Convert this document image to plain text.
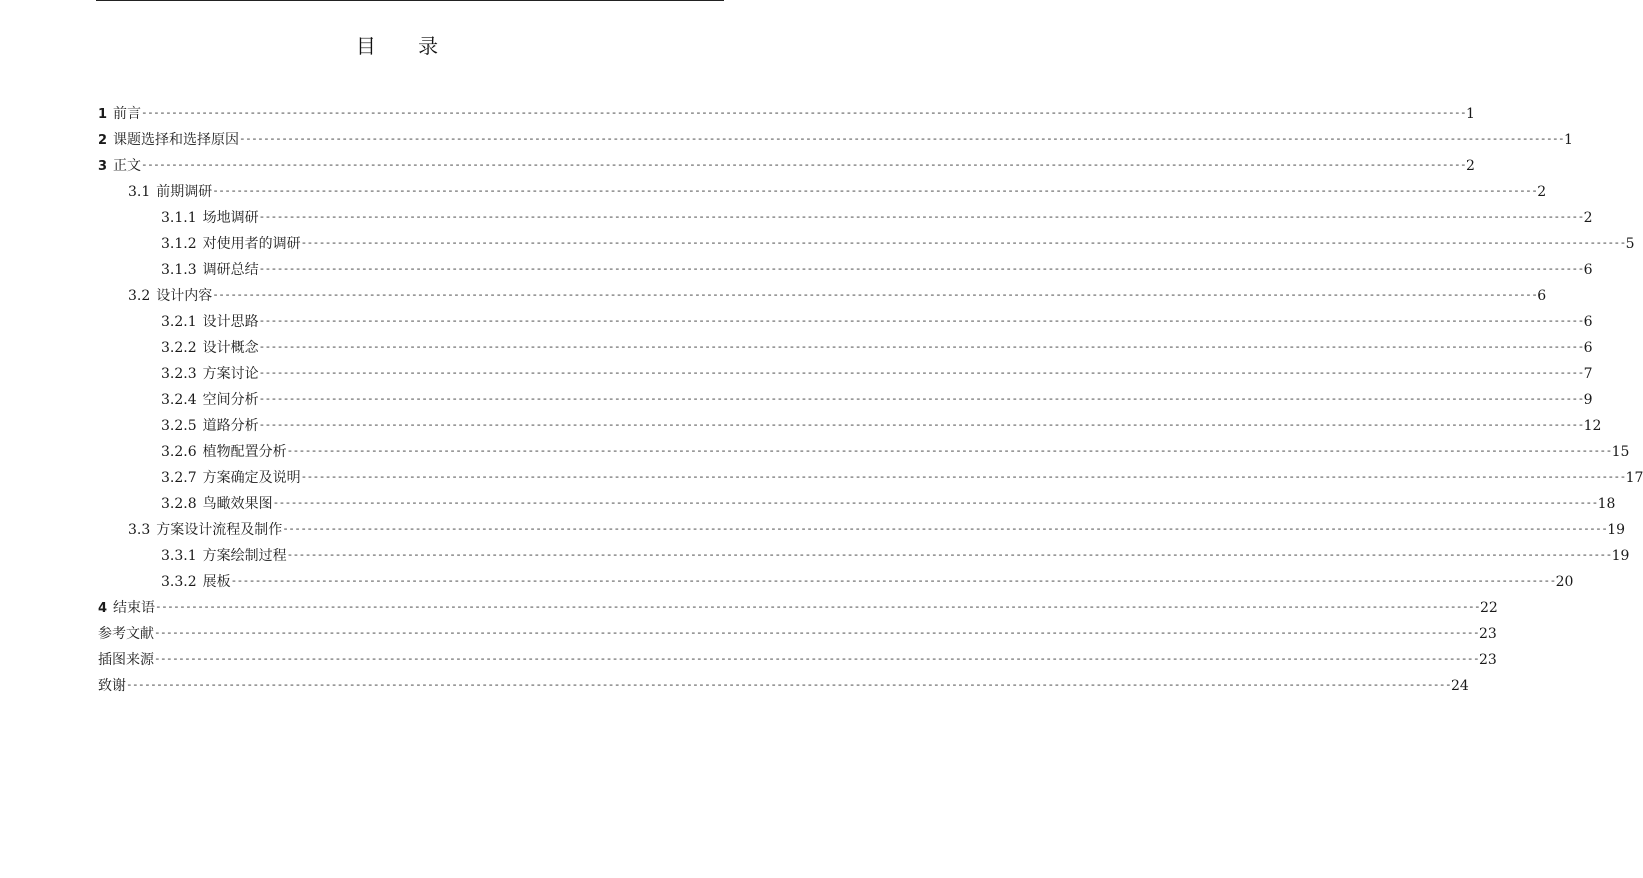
目 录
1 前言 ---------------------------------------------------------------------------------------------------------------------------------------------------------------------------------------------------------------------------- 1
2 课题选择和选择原因 ---------------------------------------------------------------------------------------------------------------------------------------------------------------------------------------------------------------------------- 1
3 正文 ---------------------------------------------------------------------------------------------------------------------------------------------------------------------------------------------------------------------------- 2
3.1 前期调研 ---------------------------------------------------------------------------------------------------------------------------------------------------------------------------------------------------------------------------- 2
3.1.1 场地调研 ---------------------------------------------------------------------------------------------------------------------------------------------------------------------------------------------------------------------------- 2
3.1.2 对使用者的调研 ---------------------------------------------------------------------------------------------------------------------------------------------------------------------------------------------------------------------------- 5
3.1.3 调研总结 ---------------------------------------------------------------------------------------------------------------------------------------------------------------------------------------------------------------------------- 6
3.2 设计内容 ---------------------------------------------------------------------------------------------------------------------------------------------------------------------------------------------------------------------------- 6
3.2.1 设计思路 ---------------------------------------------------------------------------------------------------------------------------------------------------------------------------------------------------------------------------- 6
3.2.2 设计概念 ---------------------------------------------------------------------------------------------------------------------------------------------------------------------------------------------------------------------------- 6
3.2.3 方案讨论 ---------------------------------------------------------------------------------------------------------------------------------------------------------------------------------------------------------------------------- 7
3.2.4 空间分析 ---------------------------------------------------------------------------------------------------------------------------------------------------------------------------------------------------------------------------- 9
3.2.5 道路分析 ---------------------------------------------------------------------------------------------------------------------------------------------------------------------------------------------------------------------------- 12
3.2.6 植物配置分析 ---------------------------------------------------------------------------------------------------------------------------------------------------------------------------------------------------------------------------- 15
3.2.7 方案确定及说明 ---------------------------------------------------------------------------------------------------------------------------------------------------------------------------------------------------------------------------- 17
3.2.8 鸟瞰效果图 ---------------------------------------------------------------------------------------------------------------------------------------------------------------------------------------------------------------------------- 18
3.3 方案设计流程及制作 ---------------------------------------------------------------------------------------------------------------------------------------------------------------------------------------------------------------------------- 19
3.3.1 方案绘制过程 ---------------------------------------------------------------------------------------------------------------------------------------------------------------------------------------------------------------------------- 19
3.3.2 展板 ---------------------------------------------------------------------------------------------------------------------------------------------------------------------------------------------------------------------------- 20
4 结束语 ---------------------------------------------------------------------------------------------------------------------------------------------------------------------------------------------------------------------------- 22
参考文献 ---------------------------------------------------------------------------------------------------------------------------------------------------------------------------------------------------------------------------- 23
插图来源 ---------------------------------------------------------------------------------------------------------------------------------------------------------------------------------------------------------------------------- 23
致谢 ---------------------------------------------------------------------------------------------------------------------------------------------------------------------------------------------------------------------------- 24
